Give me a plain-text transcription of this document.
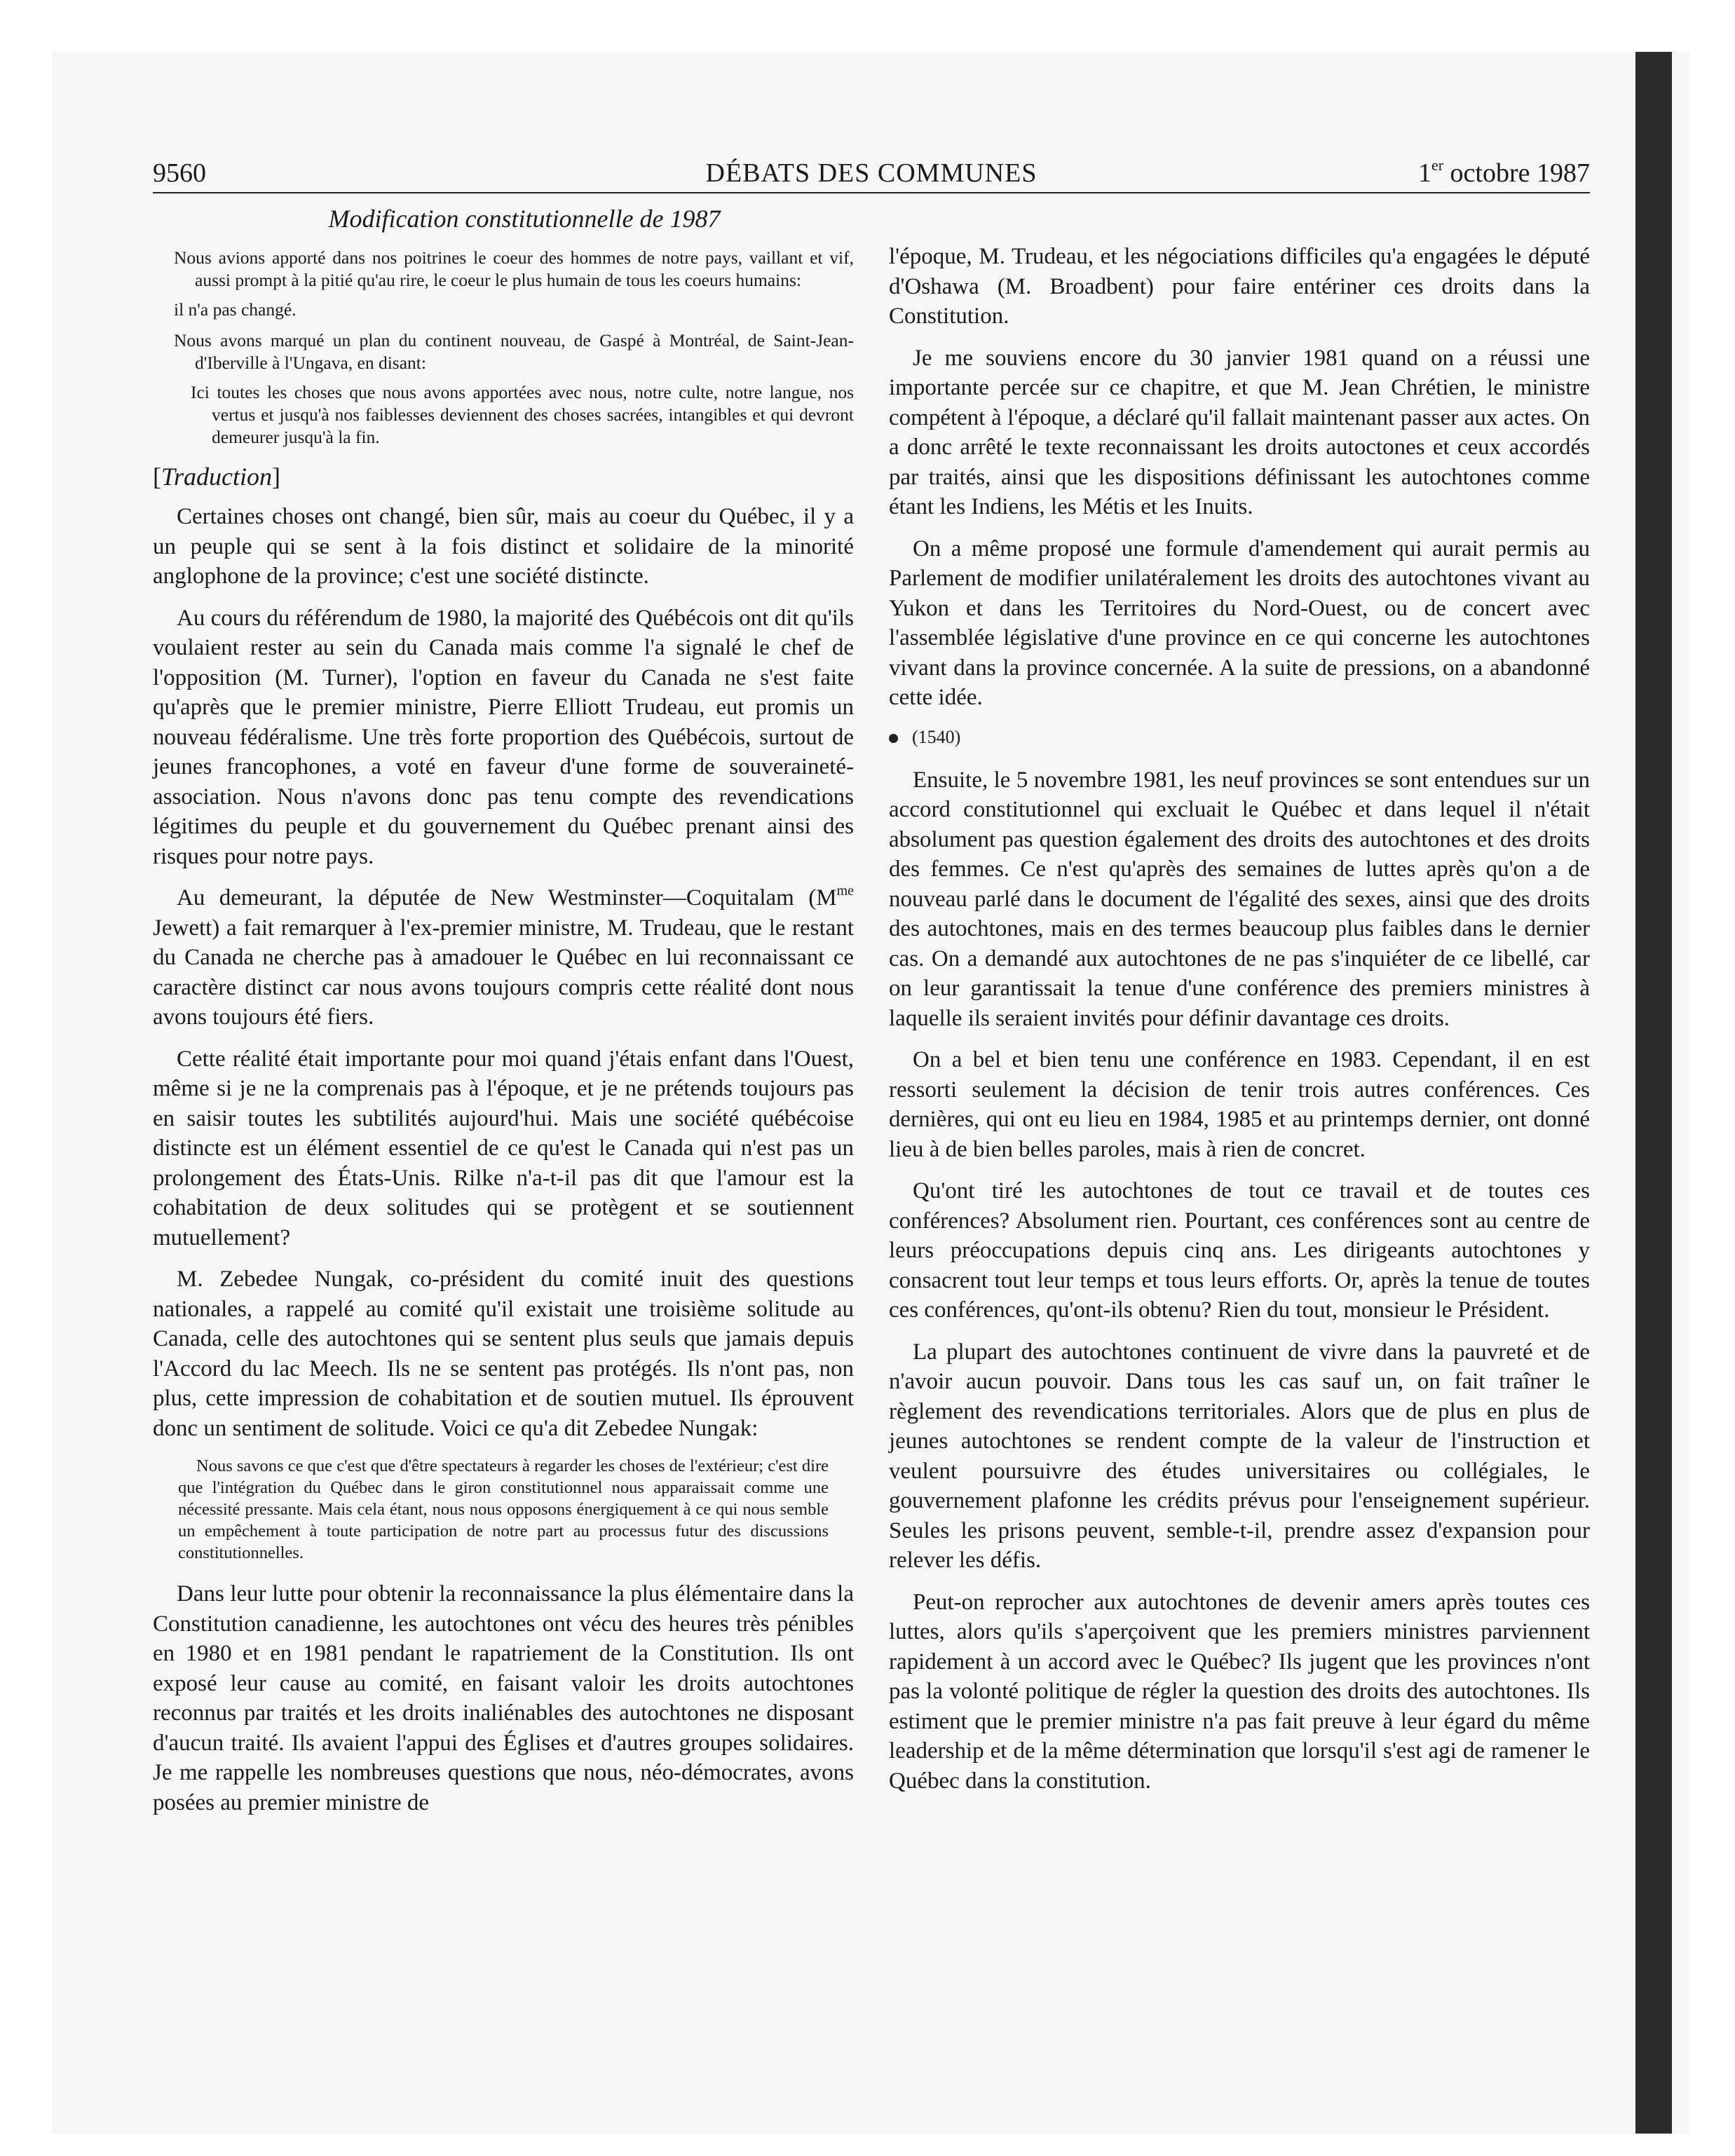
9560	DÉBATS DES COMMUNES	1er octobre 1987
Modification constitutionnelle de 1987

Nous avions apporté dans nos poitrines le coeur des hommes de notre pays, vaillant et vif, aussi prompt à la pitié qu'au rire, le coeur le plus humain de tous les coeurs humains:

il n'a pas changé.

Nous avons marqué un plan du continent nouveau, de Gaspé à Montréal, de Saint-Jean-d'Iberville à l'Ungava, en disant:

Ici toutes les choses que nous avons apportées avec nous, notre culte, notre langue, nos vertus et jusqu'à nos faiblesses deviennent des choses sacrées, intangibles et qui devront demeurer jusqu'à la fin.

[Traduction]

Certaines choses ont changé, bien sûr, mais au coeur du Québec, il y a un peuple qui se sent à la fois distinct et solidaire de la minorité anglophone de la province; c'est une société distincte.

Au cours du référendum de 1980, la majorité des Québécois ont dit qu'ils voulaient rester au sein du Canada mais comme l'a signalé le chef de l'opposition (M. Turner), l'option en faveur du Canada ne s'est faite qu'après que le premier ministre, Pierre Elliott Trudeau, eut promis un nouveau fédéralisme. Une très forte proportion des Québécois, surtout de jeunes francophones, a voté en faveur d'une forme de souveraineté-association. Nous n'avons donc pas tenu compte des revendications légitimes du peuple et du gouvernement du Québec prenant ainsi des risques pour notre pays.

Au demeurant, la députée de New Westminster—Coquitalam ($M^{me}$ Jewett) a fait remarquer à l'ex-premier ministre, M. Trudeau, que le restant du Canada ne cherche pas à amadouer le Québec en lui reconnaissant ce caractère distinct car nous avons toujours compris cette réalité dont nous avons toujours été fiers.

Cette réalité était importante pour moi quand j'étais enfant dans l'Ouest, même si je ne la comprenais pas à l'époque, et je ne prétends toujours pas en saisir toutes les subtilités aujourd'hui. Mais une société québécoise distincte est un élément essentiel de ce qu'est le Canada qui n'est pas un prolongement des États-Unis. Rilke n'a-t-il pas dit que l'amour est la cohabitation de deux solitudes qui se protègent et se soutiennent mutuellement?

M. Zebedee Nungak, co-président du comité inuit des questions nationales, a rappelé au comité qu'il existait une troisième solitude au Canada, celle des autochtones qui se sentent plus seuls que jamais depuis l'Accord du lac Meech. Ils ne se sentent pas protégés. Ils n'ont pas, non plus, cette impression de cohabitation et de soutien mutuel. Ils éprouvent donc un sentiment de solitude. Voici ce qu'a dit Zebedee Nungak:

Nous savons ce que c'est que d'être spectateurs à regarder les choses de l'extérieur; c'est dire que l'intégration du Québec dans le giron constitutionnel nous apparaissait comme une nécessité pressante. Mais cela étant, nous nous opposons énergiquement à ce qui nous semble un empêchement à toute participation de notre part au processus futur des discussions constitutionnelles.

Dans leur lutte pour obtenir la reconnaissance la plus élémentaire dans la Constitution canadienne, les autochtones ont vécu des heures très pénibles en 1980 et en 1981 pendant le rapatriement de la Constitution. Ils ont exposé leur cause au comité, en faisant valoir les droits autochtones reconnus par traités et les droits inaliénables des autochtones ne disposant d'aucun traité. Ils avaient l'appui des Églises et d'autres groupes solidaires. Je me rappelle les nombreuses questions que nous, néo-démocrates, avons posées au premier ministre de

l'époque, M. Trudeau, et les négociations difficiles qu'a engagées le député d'Oshawa (M. Broadbent) pour faire entériner ces droits dans la Constitution.

Je me souviens encore du 30 janvier 1981 quand on a réussi une importante percée sur ce chapitre, et que M. Jean Chrétien, le ministre compétent à l'époque, a déclaré qu'il fallait maintenant passer aux actes. On a donc arrêté le texte reconnaissant les droits autoctones et ceux accordés par traités, ainsi que les dispositions définissant les autochtones comme étant les Indiens, les Métis et les Inuits.

On a même proposé une formule d'amendement qui aurait permis au Parlement de modifier unilatéralement les droits des autochtones vivant au Yukon et dans les Territoires du Nord-Ouest, ou de concert avec l'assemblée législative d'une province en ce qui concerne les autochtones vivant dans la province concernée. A la suite de pressions, on a abandonné cette idée.

(1540)

Ensuite, le 5 novembre 1981, les neuf provinces se sont entendues sur un accord constitutionnel qui excluait le Québec et dans lequel il n'était absolument pas question également des droits des autochtones et des droits des femmes. Ce n'est qu'après des semaines de luttes après qu'on a de nouveau parlé dans le document de l'égalité des sexes, ainsi que des droits des autochtones, mais en des termes beaucoup plus faibles dans le dernier cas. On a demandé aux autochtones de ne pas s'inquiéter de ce libellé, car on leur garantissait la tenue d'une conférence des premiers ministres à laquelle ils seraient invités pour définir davantage ces droits.

On a bel et bien tenu une conférence en 1983. Cependant, il en est ressorti seulement la décision de tenir trois autres conférences. Ces dernières, qui ont eu lieu en 1984, 1985 et au printemps dernier, ont donné lieu à de bien belles paroles, mais à rien de concret.

Qu'ont tiré les autochtones de tout ce travail et de toutes ces conférences? Absolument rien. Pourtant, ces conférences sont au centre de leurs préoccupations depuis cinq ans. Les dirigeants autochtones y consacrent tout leur temps et tous leurs efforts. Or, après la tenue de toutes ces conférences, qu'ont-ils obtenu? Rien du tout, monsieur le Président.

La plupart des autochtones continuent de vivre dans la pauvreté et de n'avoir aucun pouvoir. Dans tous les cas sauf un, on fait traîner le règlement des revendications territoriales. Alors que de plus en plus de jeunes autochtones se rendent compte de la valeur de l'instruction et veulent poursuivre des études universitaires ou collégiales, le gouvernement plafonne les crédits prévus pour l'enseignement supérieur. Seules les prisons peuvent, semble-t-il, prendre assez d'expansion pour relever les défis.

Peut-on reprocher aux autochtones de devenir amers après toutes ces luttes, alors qu'ils s'aperçoivent que les premiers ministres parviennent rapidement à un accord avec le Québec? Ils jugent que les provinces n'ont pas la volonté politique de régler la question des droits des autochtones. Ils estiment que le premier ministre n'a pas fait preuve à leur égard du même leadership et de la même détermination que lorsqu'il s'est agi de ramener le Québec dans la constitution.
